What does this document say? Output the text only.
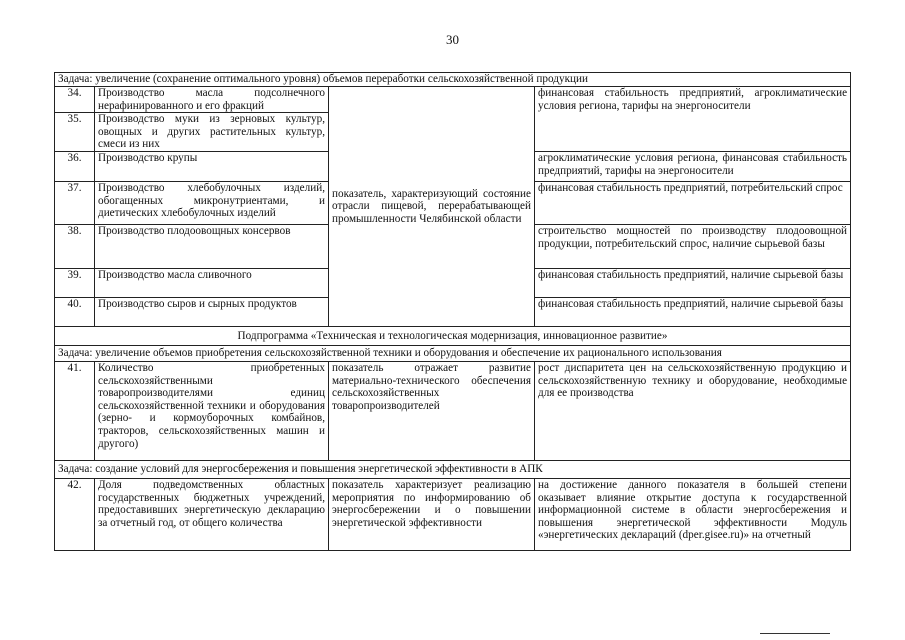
30
Задача: увеличение (сохранение оптимального уровня) объемов переработки сельскохозяйственной продукции			
34.	Производство масла подсолнечного нерафинированного и его фракций	показатель, характеризующий состояние отрасли пищевой, перерабатывающей промышленности Челябинской области	финансовая стабильность предприятий, агроклиматические условия региона, тарифы на энергоносители
35.	Производство муки из зерновых культур, овощных и других растительных культур, смеси из них		
36.	Производство крупы		агроклиматические условия региона, финансовая стабильность предприятий, тарифы на энергоносители
37.	Производство хлебобулочных изделий, обогащенных микронутриентами, и диетических хлебобулочных изделий		финансовая стабильность предприятий, потребительский спрос
38.	Производство плодоовощных консервов		строительство мощностей по производству плодоовощной продукции, потребительский спрос, наличие сырьевой базы
39.	Производство масла сливочного		финансовая стабильность предприятий, наличие сырьевой базы
40.	Производство сыров и сырных продуктов		финансовая стабильность предприятий, наличие сырьевой базы
Подпрограмма «Техническая и технологическая модернизация, инновационное развитие»			
Задача: увеличение объемов приобретения сельскохозяйственной техники и оборудования и обеспечение их рационального использования			
41.	Количество приобретенных сельскохозяйственными товаропроизводителями единиц сельскохозяйственной техники и оборудования (зерно- и кормоуборочных комбайнов, тракторов, сельскохозяйственных машин и другого)	показатель отражает развитие материально-технического обеспечения сельскохозяйственных товаропроизводителей	рост диспаритета цен на сельскохозяйственную продукцию и сельскохозяйственную технику и оборудование, необходимые для ее производства
Задача: создание условий для энергосбережения и повышения энергетической эффективности в АПК			
42.	Доля подведомственных областных государственных бюджетных учреждений, предоставивших энергетическую декларацию за отчетный год, от общего количества	показатель характеризует реализацию мероприятия по информированию об энергосбережении и о повышении энергетической эффективности	на достижение данного показателя в большей степени оказывает влияние открытие доступа к государственной информационной системе в области энергосбережения и повышения энергетической эффективности Модуль «энергетических деклараций (dper.gisee.ru)» на отчетный
